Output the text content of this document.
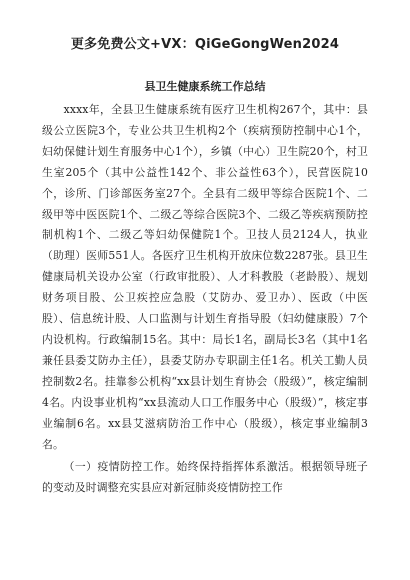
更多免费公文+VX：QiGeGongWen2024
县卫生健康系统工作总结

xxxx年，全县卫生健康系统有医疗卫生机构267个，其中：县级公立医院3个，专业公共卫生机构2个（疾病预防控制中心1个，妇幼保健计划生育服务中心1个），乡镇（中心）卫生院20个，村卫生室205个（其中公益性142个、非公益性63个），民营医院10个，诊所、门诊部医务室27个。全县有二级甲等综合医院1个、二级甲等中医医院1个、二级乙等综合医院3个、二级乙等疾病预防控制机构1个、二级乙等妇幼保健院1个。卫技人员2124人，执业（助理）医师551人。各医疗卫生机构开放床位数2287张。县卫生健康局机关设办公室（行政审批股）、人才科教股（老龄股）、规划财务项目股、公卫疾控应急股（艾防办、爱卫办）、医政（中医股）、信息统计股、人口监测与计划生育指导股（妇幼健康股）7个内设机构。行政编制15名。其中：局长1名，副局长3名（其中1名兼任县委艾防办主任），县委艾防办专职副主任1名。机关工勤人员控制数2名。挂靠参公机构“xx县计划生育协会（股级）”，核定编制4名。内设事业机构“xx县流动人口工作服务中心（股级）”，核定事业编制6名。xx县艾滋病防治工作中心（股级），核定事业编制3名。

（一）疫情防控工作。始终保持指挥体系激活。根据领导班子的变动及时调整充实县应对新冠肺炎疫情防控工作
